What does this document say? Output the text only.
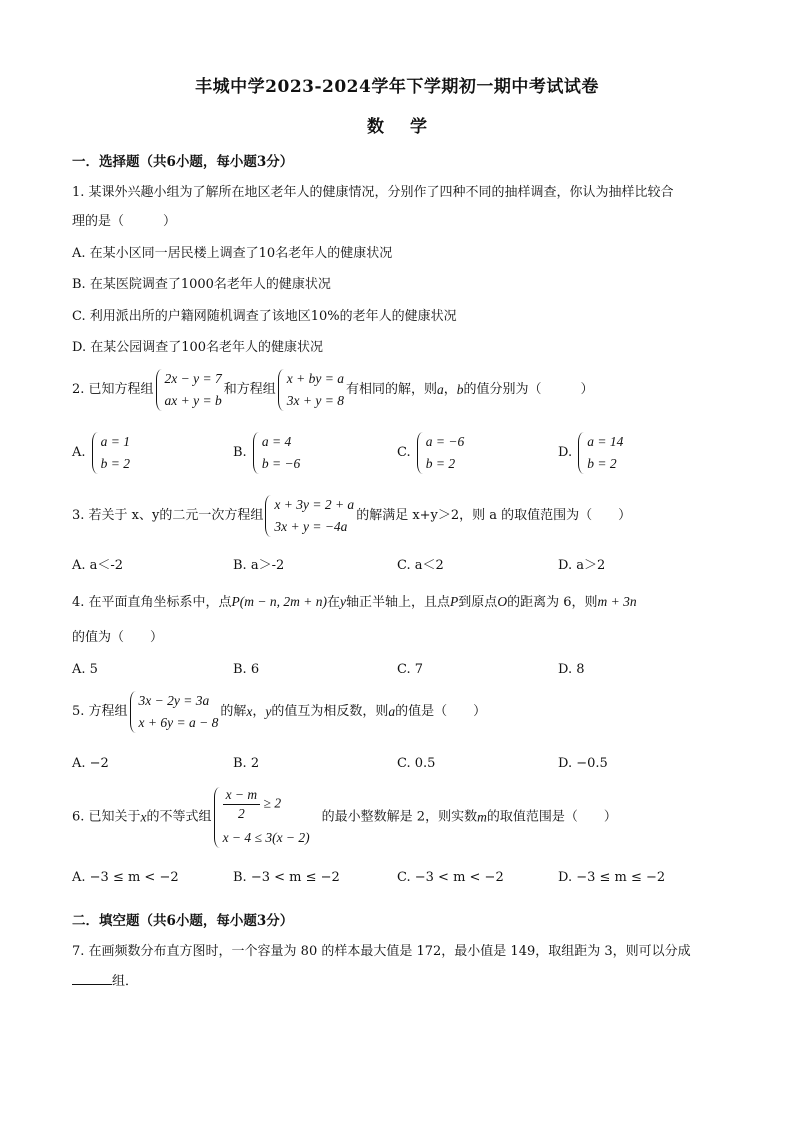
丰城中学2023-2024学年下学期初一期中考试试卷
数学
一．选择题（共6小题，每小题3分）
1. 某课外兴趣小组为了解所在地区老年人的健康情况，分别作了四种不同的抽样调查，你认为抽样比较合
理的是（　　　）
A. 在某小区同一居民楼上调查了10名老年人的健康状况
B. 在某医院调查了1000名老年人的健康状况
C. 利用派出所的户籍网随机调查了该地区10%的老年人的健康状况
D. 在某公园调查了100名老年人的健康状况
2. 已知方程组
2x − y = 7
ax + y = b
和方程组
x + by = a
3x + y = 8
有相同的解，则a，b的值分别为（　　　）
A.
a = 1
b = 2
B.
a = 4
b = −6
C.
a = −6
b = 2
D.
a = 14
b = 2
3. 若关于 x、y的二元一次方程组
x + 3y = 2 + a
3x + y = −4a
的解满足 x+y＞2，则 a 的取值范围为（　　）
A. a＜-2	B. a＞-2	C. a＜2	D. a＞2
4. 在平面直角坐标系中，点P(m − n, 2m + n)在y轴正半轴上，且点P到原点O的距离为 6，则m + 3n
的值为（　　）
A. 5	B. 6	C. 7	D. 8
5. 方程组
3x − 2y = 3a
x + 6y = a − 8
的解x，y的值互为相反数，则a的值是（　　）
A. −2	B. 2	C. 0.5	D. −0.5
6. 已知关于x的不等式组 $\frac{x - m}{2} \ge 2$
x − 4 ≤ 3(x − 2)
的最小整数解是 2，则实数m的取值范围是（　　）
A. −3 ≤ m < −2	B. −3 < m ≤ −2	C. −3 < m < −2	D. −3 ≤ m ≤ −2
二．填空题（共6小题，每小题3分）
7. 在画频数分布直方图时，一个容量为 80 的样本最大值是 172，最小值是 149，取组距为 3，则可以分成
组．
